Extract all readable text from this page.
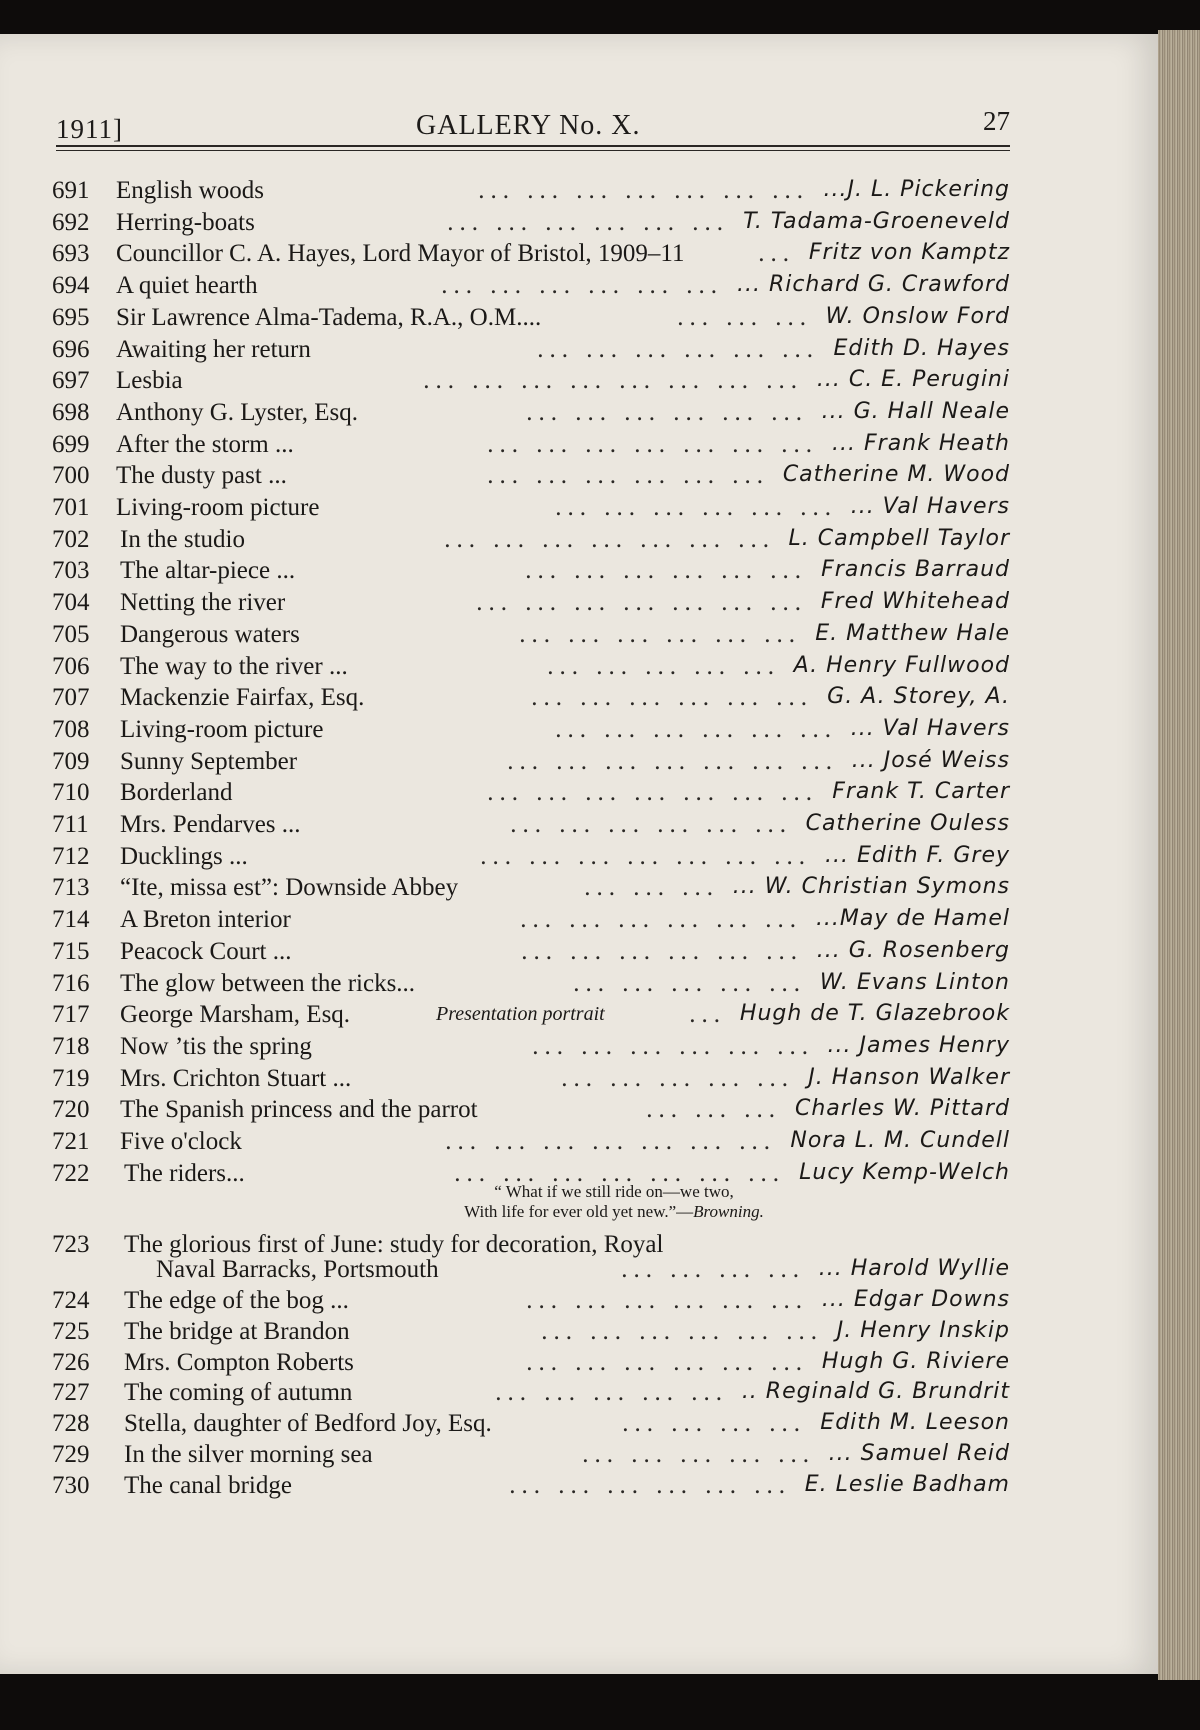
1911]	GALLERY No. X.	27
691	English woods	... ... ... ... ... ... ... ...J. L. Pickering
692	Herring-boats	... ... ... ... ... ... T. Tadama-Groeneveld
693	Councillor C. A. Hayes, Lord Mayor of Bristol, 1909–11	... Fritz von Kamptz
694	A quiet hearth	... ... ... ... ... ... ... Richard G. Crawford
695	Sir Lawrence Alma-Tadema, R.A., O.M....	... ... ... W. Onslow Ford
696	Awaiting her return	... ... ... ... ... ... Edith D. Hayes
697	Lesbia	... ... ... ... ... ... ... ... ... C. E. Perugini
698	Anthony G. Lyster, Esq.	... ... ... ... ... ... ... G. Hall Neale
699	After the storm ...	... ... ... ... ... ... ... ... Frank Heath
700	The dusty past ...	... ... ... ... ... ... Catherine M. Wood
701	Living-room picture	... ... ... ... ... ... ... Val Havers
702	In the studio	... ... ... ... ... ... ... L. Campbell Taylor
703	The altar-piece ...	... ... ... ... ... ... Francis Barraud
704	Netting the river	... ... ... ... ... ... ... Fred Whitehead
705	Dangerous waters	... ... ... ... ... ... E. Matthew Hale
706	The way to the river ...	... ... ... ... ... A. Henry Fullwood
707	Mackenzie Fairfax, Esq.	... ... ... ... ... ... G. A. Storey, A.
708	Living-room picture	... ... ... ... ... ... ... Val Havers
709	Sunny September	... ... ... ... ... ... ... ... José Weiss
710	Borderland	... ... ... ... ... ... ... Frank T. Carter
711	Mrs. Pendarves ...	... ... ... ... ... ... Catherine Ouless
712	Ducklings ...	... ... ... ... ... ... ... ... Edith F. Grey
713	“Ite, missa est”: Downside Abbey	... ... ... ... W. Christian Symons
714	A Breton interior	... ... ... ... ... ... ...May de Hamel
715	Peacock Court ...	... ... ... ... ... ... ... G. Rosenberg
716	The glow between the ricks...	... ... ... ... ... W. Evans Linton
717	George Marsham, Esq.	Presentation portrait	... Hugh de T. Glazebrook
718	Now ’tis the spring	... ... ... ... ... ... ... James Henry
719	Mrs. Crichton Stuart ...	... ... ... ... ... J. Hanson Walker
720	The Spanish princess and the parrot	... ... ... Charles W. Pittard
721	Five o'clock	... ... ... ... ... ... ... Nora L. M. Cundell
722	The riders...	... ... ... ... ... ... ... Lucy Kemp-Welch
723	The glorious first of June: study for decoration, Royal
Naval Barracks, Portsmouth	... ... ... ... ... Harold Wyllie
724	The edge of the bog ...	... ... ... ... ... ... ... Edgar Downs
725	The bridge at Brandon	... ... ... ... ... ... J. Henry Inskip
726	Mrs. Compton Roberts	... ... ... ... ... ... Hugh G. Riviere
727	The coming of autumn	... ... ... ... ... .. Reginald G. Brundrit
728	Stella, daughter of Bedford Joy, Esq.	... ... ... ... Edith M. Leeson
729	In the silver morning sea	... ... ... ... ... ... Samuel Reid
730	The canal bridge	... ... ... ... ... ... E. Leslie Badham
“ What if we still ride on—we two,
With life for ever old yet new.”—Browning.
